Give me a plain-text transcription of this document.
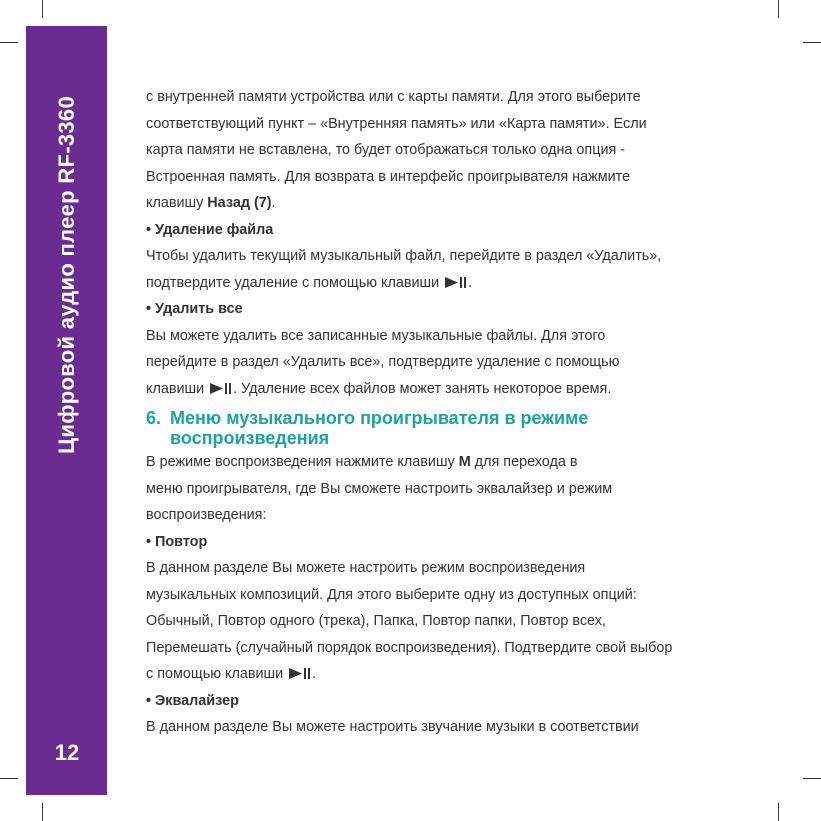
Цифровой аудио плеер RF-3360
12
с внутренней памяти устройства или с карты памяти. Для этого выберите
соответствующий пункт – «Внутренняя память» или «Карта памяти». Если
карта памяти не вставлена, то будет отображаться только одна опция -
Встроенная память. Для возврата в интерфейс проигрывателя нажмите
клавишу Назад (7).
• Удаление файла
Чтобы удалить текущий музыкальный файл, перейдите в раздел «Удалить»,
подтвердите удаление с помощью клавиши .
• Удалить все
Вы можете удалить все записанные музыкальные файлы. Для этого
перейдите в раздел «Удалить все», подтвердите удаление с помощью
клавиши . Удаление всех файлов может занять некоторое время.
6. Меню музыкального проигрывателя в режиме
воспроизведения
В режиме воспроизведения нажмите клавишу M для перехода в
меню проигрывателя, где Вы сможете настроить эквалайзер и режим
воспроизведения:
• Повтор
В данном разделе Вы можете настроить режим воспроизведения
музыкальных композиций. Для этого выберите одну из доступных опций:
Обычный, Повтор одного (трека), Папка, Повтор папки, Повтор всех,
Перемешать (случайный порядок воспроизведения). Подтвердите свой выбор
с помощью клавиши .
• Эквалайзер
В данном разделе Вы можете настроить звучание музыки в соответствии
